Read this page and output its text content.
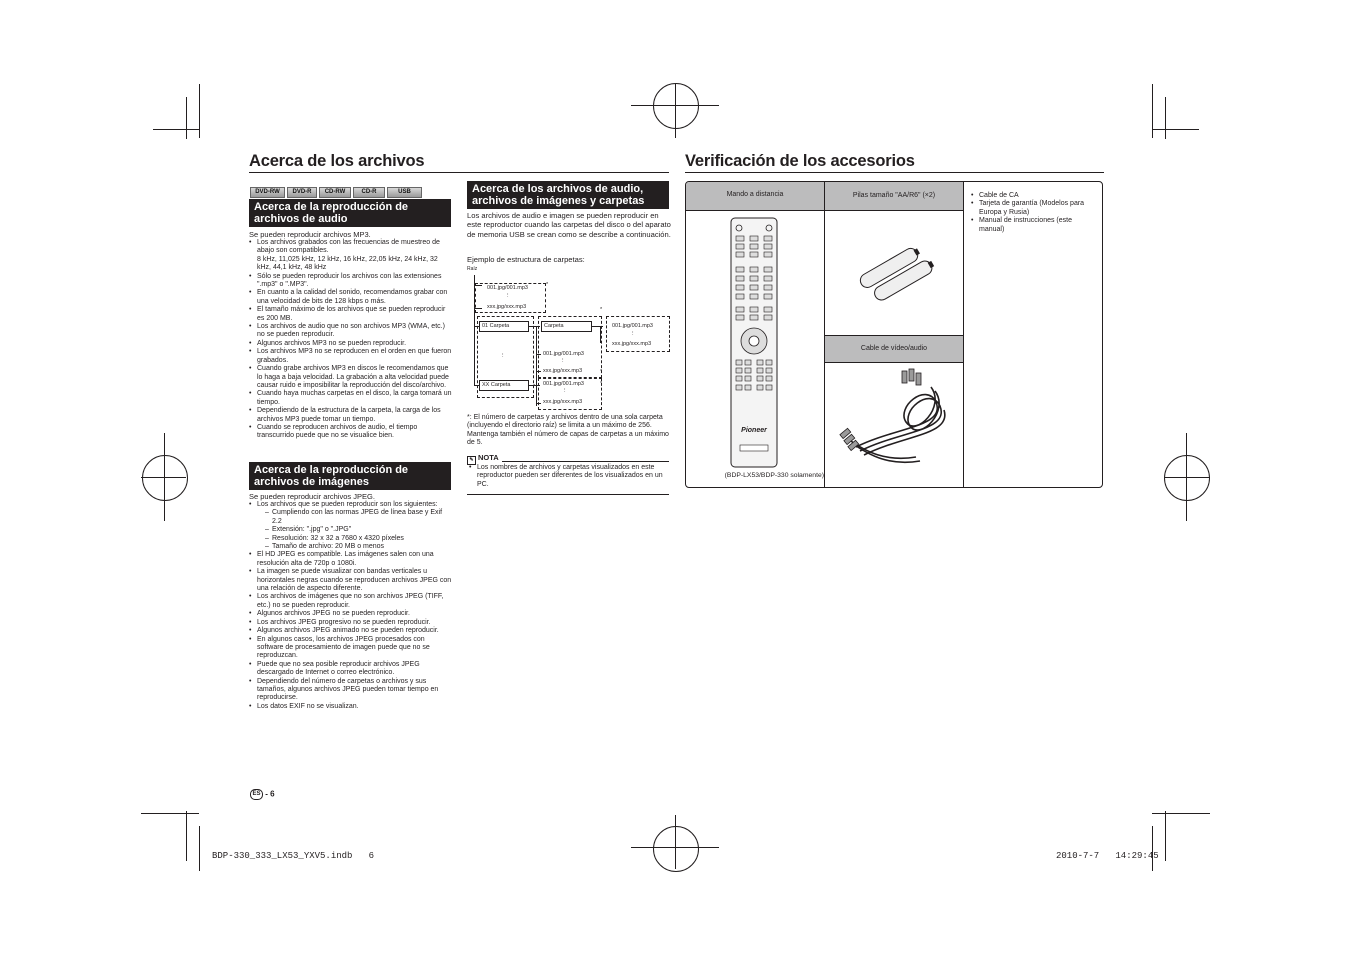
Acerca de los archivos
DVD-RW DVD-R CD-RW	CD-R	USB
Acerca de la reproducción de
archivos de audio
Se pueden reproducir archivos MP3.
• Los archivos grabados con las frecuencias de muestreo de abajo son compatibles.
8 kHz, 11,025 kHz, 12 kHz, 16 kHz, 22,05 kHz, 24 kHz, 32 kHz, 44,1 kHz, 48 kHz
• Sólo se pueden reproducir los archivos con las extensiones ".mp3" o ".MP3".
• En cuanto a la calidad del sonido, recomendamos grabar con una velocidad de bits de 128 kbps o más.
• El tamaño máximo de los archivos que se pueden reproducir es 200 MB.
• Los archivos de audio que no son archivos MP3 (WMA, etc.) no se pueden reproducir.
• Algunos archivos MP3 no se pueden reproducir.
• Los archivos MP3 no se reproducen en el orden en que fueron grabados.
• Cuando grabe archivos MP3 en discos le recomendamos que lo haga a baja velocidad. La grabación a alta velocidad puede causar ruido e imposibilitar la reproducción del disco/archivo.
• Cuando haya muchas carpetas en el disco, la carga tomará un tiempo.
• Dependiendo de la estructura de la carpeta, la carga de los archivos MP3 puede tomar un tiempo.
• Cuando se reproducen archivos de audio, el tiempo transcurrido puede que no se visualice bien.
Acerca de la reproducción de
archivos de imágenes
Se pueden reproducir archivos JPEG.
• Los archivos que se pueden reproducir son los siguientes:
– Cumpliendo con las normas JPEG de línea base y Exif 2.2
– Extensión: ".jpg" o ".JPG"
– Resolución: 32 x 32 a 7680 x 4320 píxeles
– Tamaño de archivo: 20 MB o menos
• El HD JPEG es compatible. Las imágenes salen con una resolución alta de 720p o 1080i.
• La imagen se puede visualizar con bandas verticales u horizontales negras cuando se reproducen archivos JPEG con una relación de aspecto diferente.
• Los archivos de imágenes que no son archivos JPEG (TIFF, etc.) no se pueden reproducir.
• Algunos archivos JPEG no se pueden reproducir.
• Los archivos JPEG progresivo no se pueden reproducir.
• Algunos archivos JPEG animado no se pueden reproducir.
• En algunos casos, los archivos JPEG procesados con software de procesamiento de imagen puede que no se reproduzcan.
• Puede que no sea posible reproducir archivos JPEG descargado de Internet o correo electrónico.
• Dependiendo del número de carpetas o archivos y sus tamaños, algunos archivos JPEG pueden tomar tiempo en reproducirse.
• Los datos EXIF no se visualizan.
Acerca de los archivos de audio,
archivos de imágenes y carpetas
Los archivos de audio e imagen se pueden reproducir en este reproductor cuando las carpetas del disco o del aparato de memoria USB se crean como se describe a continuación.
Ejemplo de estructura de carpetas:
Raíz
001.jpg/001.mp3
⋮
xxx.jpg/xxx.mp3
*
01 Carpeta
⋮
XX Carpeta	*
Carpeta
*
001.jpg/001.mp3
⋮
xxx.jpg/xxx.mp3	*
001.jpg/001.mp3
⋮
xxx.jpg/xxx.mp3
001.jpg/001.mp3
⋮
xxx.jpg/xxx.mp3
*
*: El número de carpetas y archivos dentro de una sola carpeta (incluyendo el directorio raíz) se limita a un máximo de 256. Mantenga también el número de capas de carpetas a un máximo de 5.
✎ NOTA
• Los nombres de archivos y carpetas visualizados en este reproductor pueden ser diferentes de los visualizados en un PC.
Verificación de los accesorios
Mando a distancia	Pilas tamaño "AA/R6" (×2)
Cable de vídeo/audio
Pioneer
(BDP-LX53/BDP-330 solamente)
• Cable de CA
• Tarjeta de garantía (Modelos para Europa y Rusia)
• Manual de instrucciones (este manual)
ES - 6
BDP-330_333_LX53_YXV5.indb   6	2010-7-7   14:29:45
